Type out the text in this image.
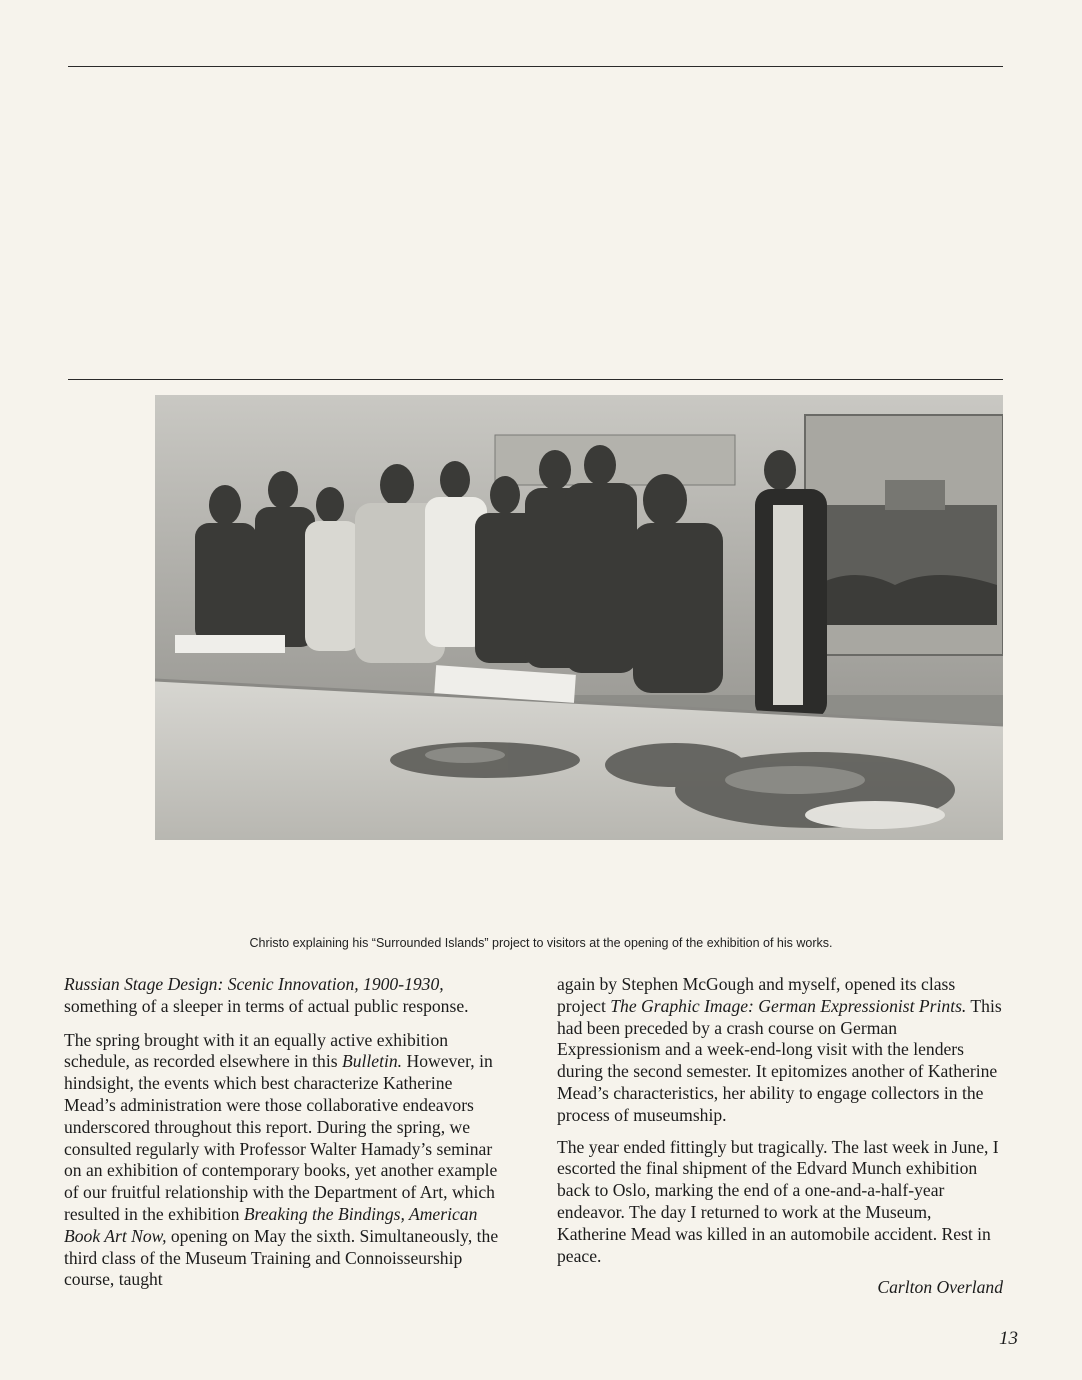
Christo explaining his “Surrounded Islands” project to visitors at the opening of the exhibition of his works.

Russian Stage Design: Scenic Innovation, 1900-1930, something of a sleeper in terms of actual public response.

The spring brought with it an equally active exhibition schedule, as recorded elsewhere in this Bulletin. However, in hindsight, the events which best characterize Katherine Mead’s administration were those collaborative endeavors underscored throughout this report. During the spring, we consulted regularly with Professor Walter Hamady’s seminar on an exhibition of contemporary books, yet another example of our fruitful relationship with the Department of Art, which resulted in the exhibition Breaking the Bindings, American Book Art Now, opening on May the sixth. Simultaneously, the third class of the Museum Training and Connoisseurship course, taught

again by Stephen McGough and myself, opened its class project The Graphic Image: German Expressionist Prints. This had been preceded by a crash course on German Expressionism and a week-end-long visit with the lenders during the second semester. It epitomizes another of Katherine Mead’s characteristics, her ability to engage collectors in the process of museumship.

The year ended fittingly but tragically. The last week in June, I escorted the final shipment of the Edvard Munch exhibition back to Oslo, marking the end of a one-and-a-half-year endeavor. The day I returned to work at the Museum, Katherine Mead was killed in an automobile accident. Rest in peace.

Carlton Overland

13
